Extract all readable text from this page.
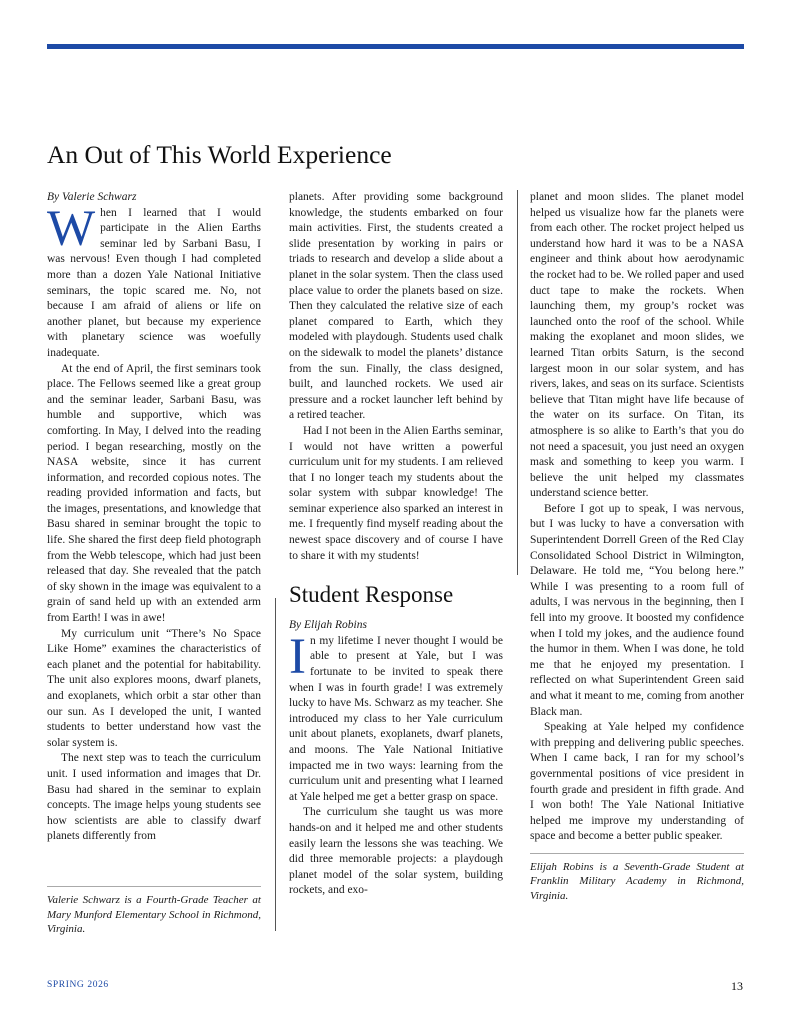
An Out of This World Experience

By Valerie Schwarz

When I learned that I would participate in the Alien Earths seminar led by Sarbani Basu, I was nervous! Even though I had completed more than a dozen Yale National Initiative seminars, the topic scared me. No, not because I am afraid of aliens or life on another planet, but because my experience with planetary science was woefully inadequate.

At the end of April, the first seminars took place. The Fellows seemed like a great group and the seminar leader, Sarbani Basu, was humble and supportive, which was comforting. In May, I delved into the reading period. I began researching, mostly on the NASA website, since it has current information, and recorded copious notes. The reading provided information and facts, but the images, presentations, and knowledge that Basu shared in seminar brought the topic to life. She shared the first deep field photograph from the Webb telescope, which had just been released that day. She revealed that the patch of sky shown in the image was equivalent to a grain of sand held up with an extended arm from Earth! I was in awe!

My curriculum unit “There’s No Space Like Home” examines the characteristics of each planet and the potential for habitability. The unit also explores moons, dwarf planets, and exoplanets, which orbit a star other than our sun. As I developed the unit, I wanted students to better understand how vast the solar system is.

The next step was to teach the curriculum unit. I used information and images that Dr. Basu had shared in the seminar to explain concepts. The image helps young students see how scientists are able to classify dwarf planets differently from

Valerie Schwarz is a Fourth-Grade Teacher at Mary Munford Elementary School in Richmond, Virginia.

planets. After providing some background knowledge, the students embarked on four main activities. First, the students created a slide presentation by working in pairs or triads to research and develop a slide about a planet in the solar system. Then the class used place value to order the planets based on size. Then they calculated the relative size of each planet compared to Earth, which they modeled with playdough. Students used chalk on the sidewalk to model the planets’ distance from the sun. Finally, the class designed, built, and launched rockets. We used air pressure and a rocket launcher left behind by a retired teacher.

Had I not been in the Alien Earths seminar, I would not have written a powerful curriculum unit for my students. I am relieved that I no longer teach my students about the solar system with subpar knowledge! The seminar experience also sparked an interest in me. I frequently find myself reading about the newest space discovery and of course I have to share it with my students!

Student Response

By Elijah Robins

In my lifetime I never thought I would be able to present at Yale, but I was fortunate to be invited to speak there when I was in fourth grade! I was extremely lucky to have Ms. Schwarz as my teacher. She introduced my class to her Yale curriculum unit about planets, exoplanets, dwarf planets, and moons. The Yale National Initiative impacted me in two ways: learning from the curriculum unit and presenting what I learned at Yale helped me get a better grasp on space.

The curriculum she taught us was more hands-on and it helped me and other students easily learn the lessons she was teaching. We did three memorable projects: a playdough planet model of the solar system, building rockets, and exo-

planet and moon slides. The planet model helped us visualize how far the planets were from each other. The rocket project helped us understand how hard it was to be a NASA engineer and think about how aerodynamic the rocket had to be. We rolled paper and used duct tape to make the rockets. When launching them, my group’s rocket was launched onto the roof of the school. While making the exoplanet and moon slides, we learned Titan orbits Saturn, is the second largest moon in our solar system, and has rivers, lakes, and seas on its surface. Scientists believe that Titan might have life because of the water on its surface. On Titan, its atmosphere is so alike to Earth’s that you do not need a spacesuit, you just need an oxygen mask and something to keep you warm. I believe the unit helped my classmates understand science better.

Before I got up to speak, I was nervous, but I was lucky to have a conversation with Superintendent Dorrell Green of the Red Clay Consolidated School District in Wilmington, Delaware. He told me, “You belong here.” While I was presenting to a room full of adults, I was nervous in the beginning, then I fell into my groove. It boosted my confidence when I told my jokes, and the audience found the humor in them. When I was done, he told me that he enjoyed my presentation. I reflected on what Superintendent Green said and what it meant to me, coming from another Black man.

Speaking at Yale helped my confidence with prepping and delivering public speeches. When I came back, I ran for my school’s governmental positions of vice president in fourth grade and president in fifth grade. And I won both! The Yale National Initiative helped me improve my understanding of space and become a better public speaker.

Elijah Robins is a Seventh-Grade Student at Franklin Military Academy in Richmond, Virginia.

SPRING 2026	13
